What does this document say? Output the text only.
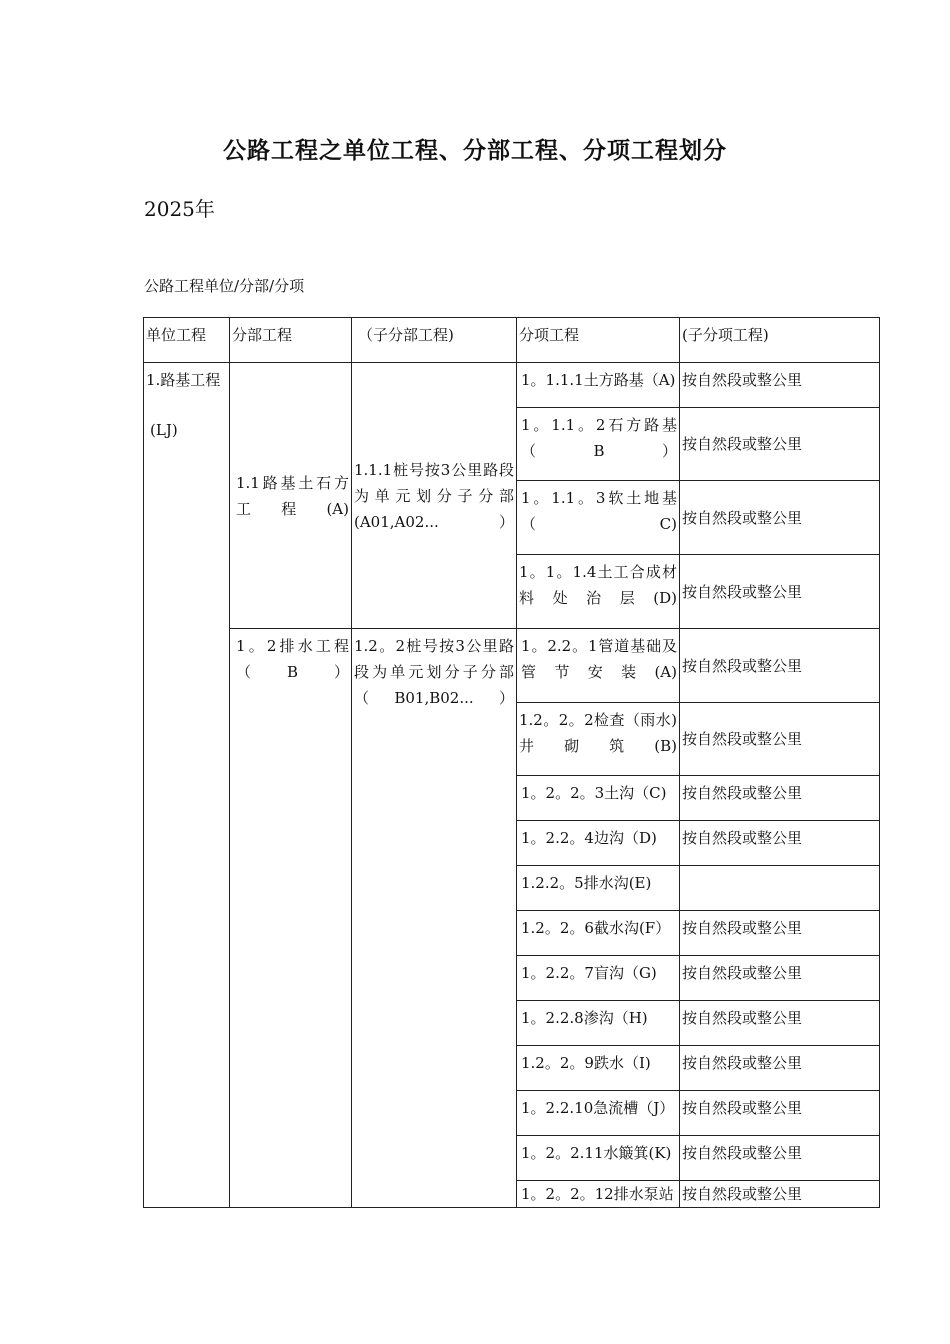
公路工程之单位工程、分部工程、分项工程划分
2025年
公路工程单位/分部/分项
单位工程	分部工程	（子分部工程)	分项工程	(子分项工程)
1.路基工程
(LJ)	1.1路基土石方工程(A)	1.1.1桩号按3公里路段为单元划分子分部(A01,A02...）	1。1.1.1土方路基（A)	按自然段或整公里
			1。1.1。2石方路基（B）	按自然段或整公里
			1。1.1。3软土地基（C)	按自然段或整公里
			1。1。1.4土工合成材料处治层(D)	按自然段或整公里

	1。2排水工程（B）	1.2。2桩号按3公里路段为单元划分子分部（B01,B02...）	1。2.2。1管道基础及管节安装(A)	按自然段或整公里
			1.2。2。2检查（雨水)井砌筑(B)	按自然段或整公里
			1。2。2。3土沟（C)	按自然段或整公里
			1。2.2。4边沟（D)	按自然段或整公里
			1.2.2。5排水沟(E)	
			1.2。2。6截水沟(F）	按自然段或整公里
			1。2.2。7盲沟（G)	按自然段或整公里
			1。2.2.8渗沟（H)	按自然段或整公里
			1.2。2。9跌水（I)	按自然段或整公里
			1。2.2.10急流槽（J）	按自然段或整公里
			1。2。2.11水簸箕(K)	按自然段或整公里
			1。2。2。12排水泵站	按自然段或整公里
